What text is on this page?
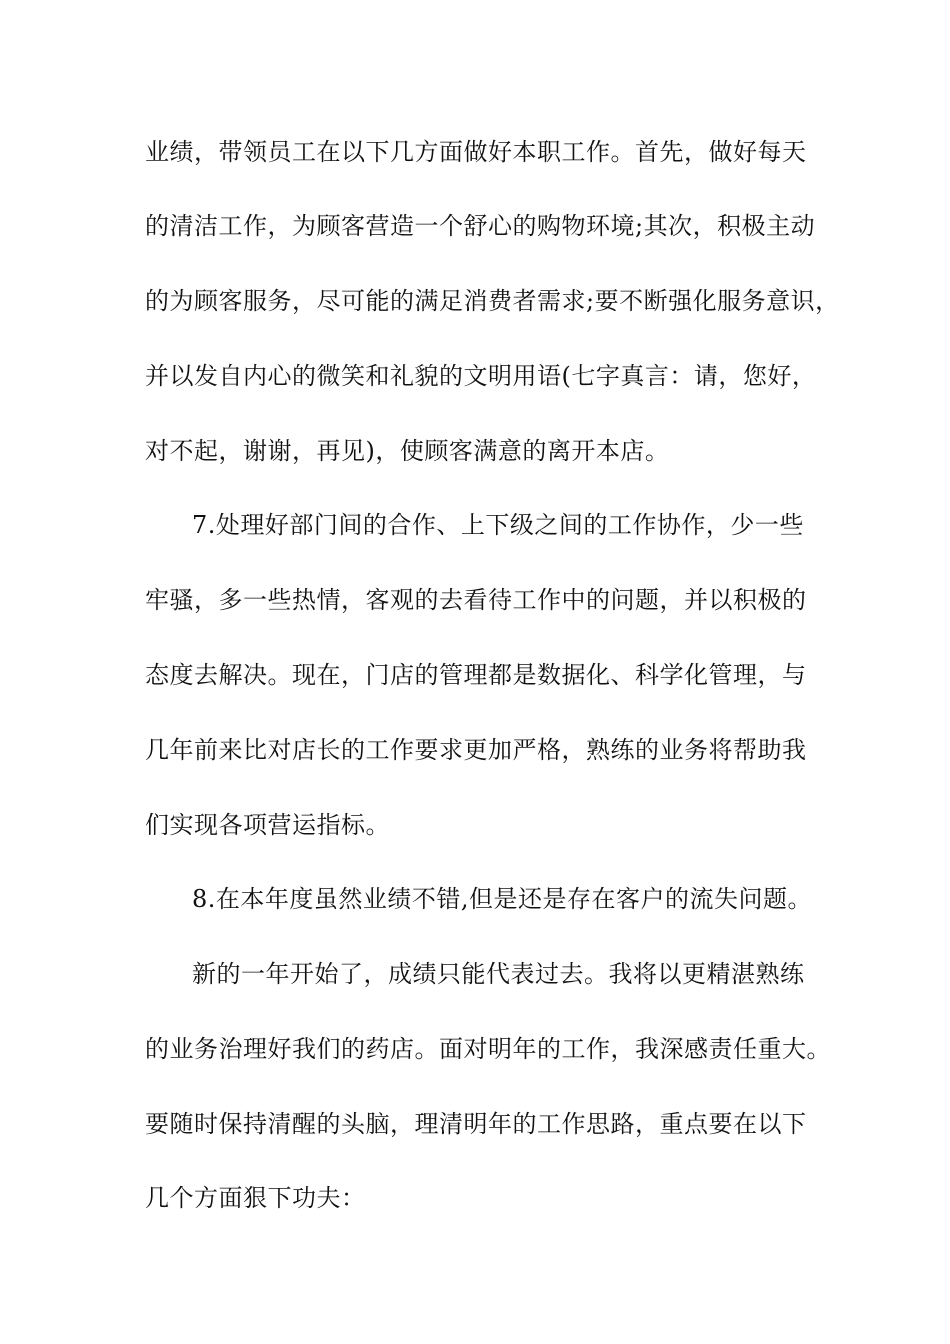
业绩，带领员工在以下几方面做好本职工作。首先，做好每天
的清洁工作，为顾客营造一个舒心的购物环境;其次，积极主动
的为顾客服务，尽可能的满足消费者需求;要不断强化服务意识，
并以发自内心的微笑和礼貌的文明用语(七字真言：请，您好，
对不起，谢谢，再见)，使顾客满意的离开本店。
7.处理好部门间的合作、上下级之间的工作协作，少一些
牢骚，多一些热情，客观的去看待工作中的问题，并以积极的
态度去解决。现在，门店的管理都是数据化、科学化管理，与
几年前来比对店长的工作要求更加严格，熟练的业务将帮助我
们实现各项营运指标。
8.在本年度虽然业绩不错,但是还是存在客户的流失问题。
新的一年开始了，成绩只能代表过去。我将以更精湛熟练
的业务治理好我们的药店。面对明年的工作，我深感责任重大。
要随时保持清醒的头脑，理清明年的工作思路，重点要在以下
几个方面狠下功夫：
